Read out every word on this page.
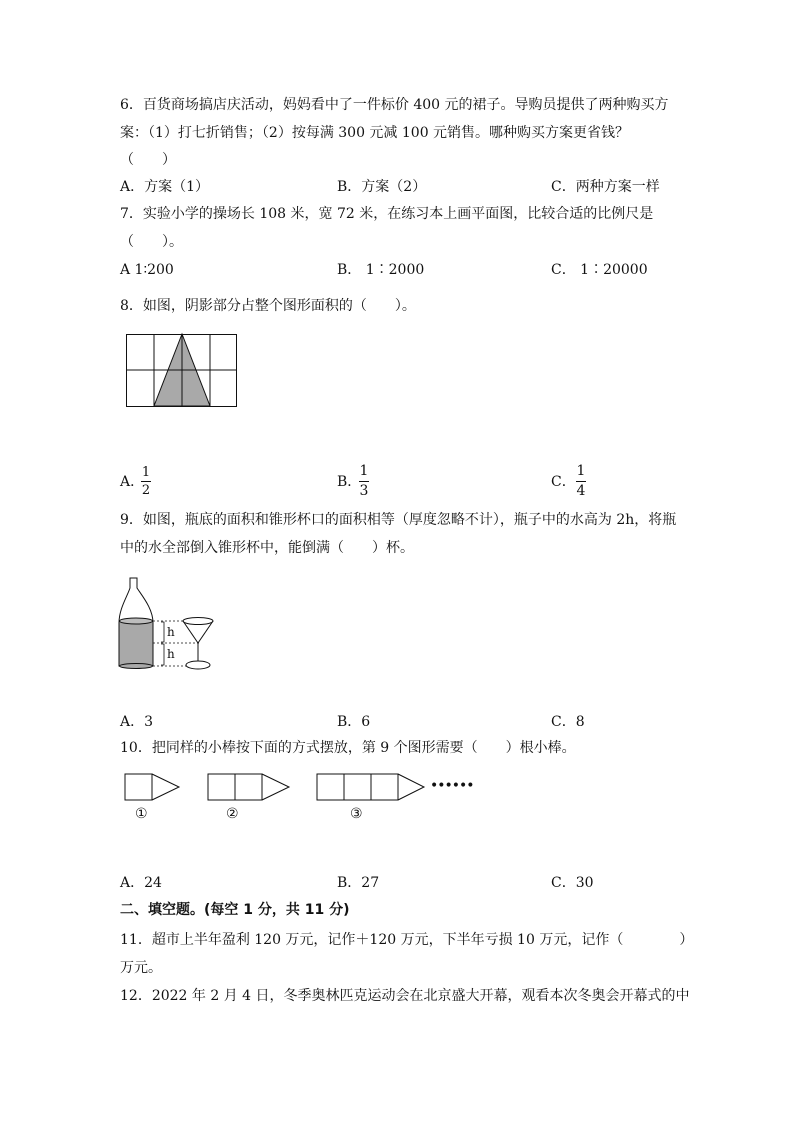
6．百货商场搞店庆活动，妈妈看中了一件标价 400 元的裙子。导购员提供了两种购买方
案：（1）打七折销售；（2）按每满 300 元减 100 元销售。哪种购买方案更省钱？
（　　）
A．方案（1）	B．方案（2）	C．两种方案一样
7．实验小学的操场长 108 米，宽 72 米，在练习本上画平面图，比较合适的比例尺是
（　　）。
A 1∶200	B． 1∶2000	C． 1∶20000
8．如图，阴影部分占整个图形面积的（　　）。
A．
1
2
B．
1
3
C．
1
4
9．如图，瓶底的面积和锥形杯口的面积相等（厚度忽略不计），瓶子中的水高为 2h，将瓶
中的水全部倒入锥形杯中，能倒满（　　）杯。
h
h
A．3	B．6	C．8
10．把同样的小棒按下面的方式摆放，第 9 个图形需要（　　）根小棒。
••••••
①	②	③
A．24	B．27	C．30
二、填空题。(每空 1 分，共 11 分)
11．超市上半年盈利 120 万元，记作＋120 万元，下半年亏损 10 万元，记作（　　　　）
万元。
12．2022 年 2 月 4 日，冬季奥林匹克运动会在北京盛大开幕，观看本次冬奥会开幕式的中
